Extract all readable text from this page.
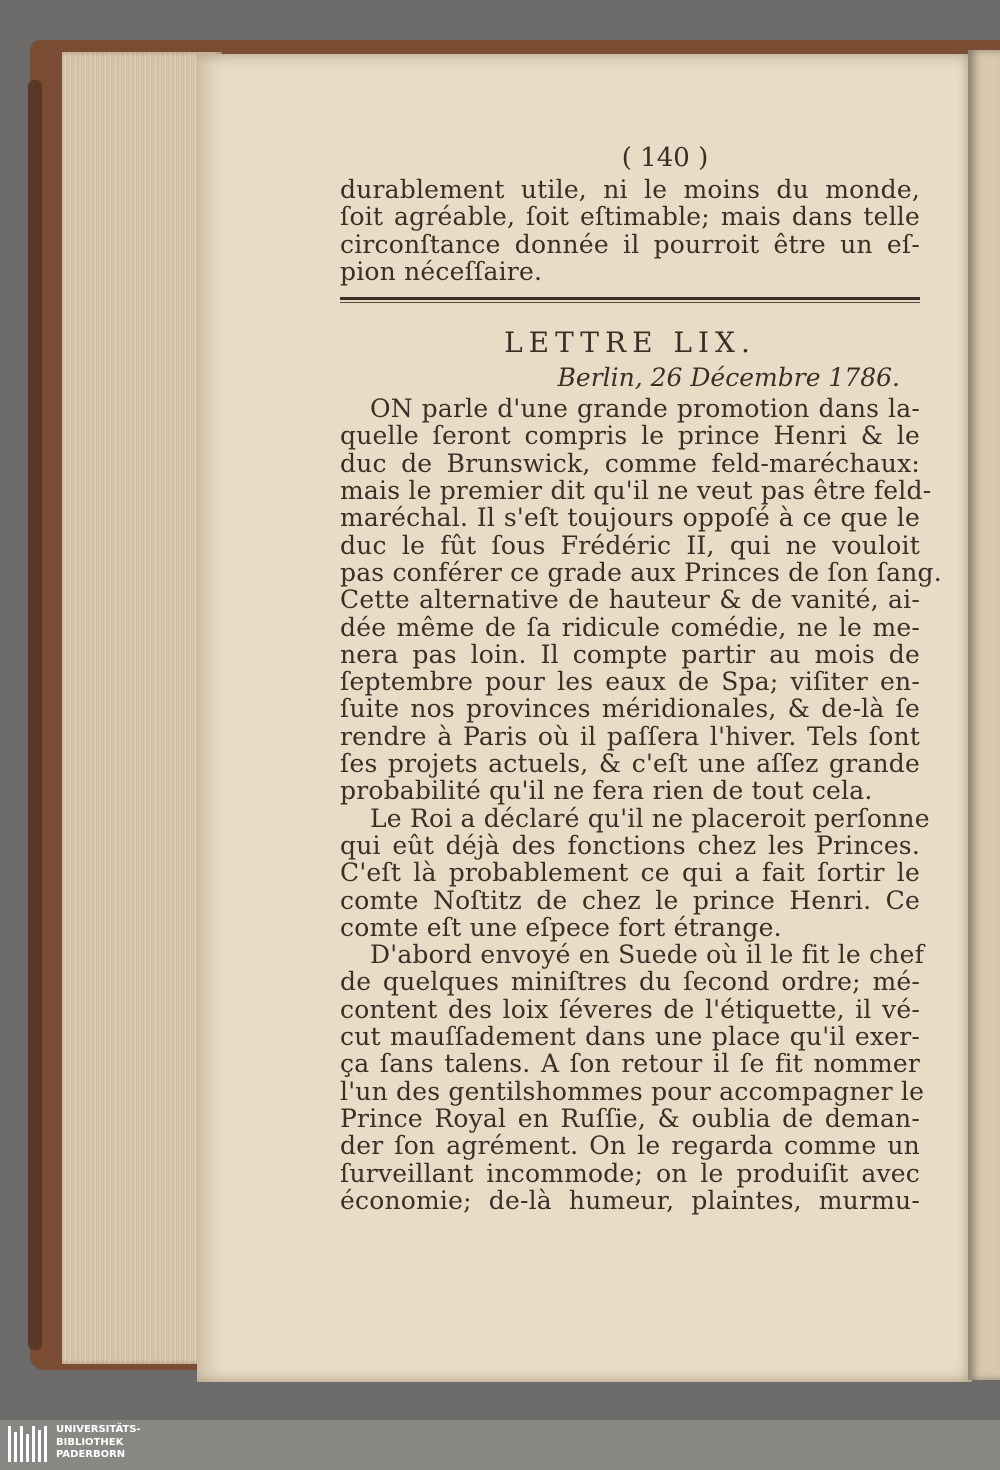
( 140 )
durablement utile, ni le moins du monde,
ſoit agréable, ſoit eſtimable; mais dans telle
circonſtance donnée il pourroit être un eſ-
pion néceſſaire.
LETTRE LIX.
Berlin, 26 Décembre 1786.
ON parle d'une grande promotion dans la-
quelle ſeront compris le prince Henri & le
duc de Brunswick, comme feld-maréchaux:
mais le premier dit qu'il ne veut pas être feld-
maréchal. Il s'eſt toujours oppoſé à ce que le
duc le fût ſous Frédéric II, qui ne vouloit
pas conférer ce grade aux Princes de ſon ſang.
Cette alternative de hauteur & de vanité, ai-
dée même de ſa ridicule comédie, ne le me-
nera pas loin. Il compte partir au mois de
ſeptembre pour les eaux de Spa; viſiter en-
ſuite nos provinces méridionales, & de-là ſe
rendre à Paris où il paſſera l'hiver. Tels ſont
ſes projets actuels, & c'eſt une aſſez grande
probabilité qu'il ne fera rien de tout cela.
Le Roi a déclaré qu'il ne placeroit perſonne
qui eût déjà des fonctions chez les Princes.
C'eſt là probablement ce qui a fait ſortir le
comte Noſtitz de chez le prince Henri. Ce
comte eſt une eſpece fort étrange.
D'abord envoyé en Suede où il le fit le chef
de quelques miniſtres du ſecond ordre; mé-
content des loix ſéveres de l'étiquette, il vé-
cut mauſſadement dans une place qu'il exer-
ça ſans talens. A ſon retour il ſe fit nommer
l'un des gentilshommes pour accompagner le
Prince Royal en Ruſſie, & oublia de deman-
der ſon agrément. On le regarda comme un
ſurveillant incommode; on le produiſit avec
économie; de-là humeur, plaintes, murmu-
UNIVERSITÄTS-
BIBLIOTHEK
PADERBORN
